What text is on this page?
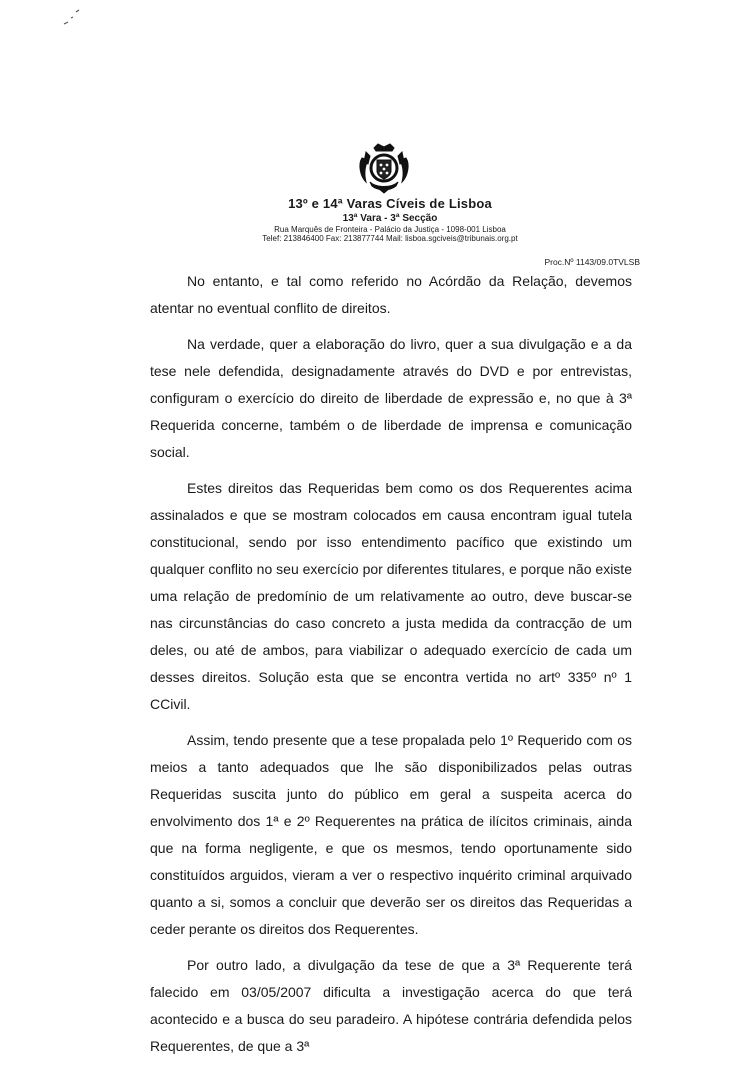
13º e 14ª Varas Cíveis de Lisboa
13ª Vara - 3ª Secção
Rua Marquês de Fronteira - Palácio da Justiça - 1098-001 Lisboa
Telef: 213846400 Fax: 213877744 Mail: lisboa.sgciveis@tribunais.org.pt
Proc.Nº 1143/09.0TVLSB

No entanto, e tal como referido no Acórdão da Relação, devemos atentar no eventual conflito de direitos.

Na verdade, quer a elaboração do livro, quer a sua divulgação e a da tese nele defendida, designadamente através do DVD e por entrevistas, configuram o exercício do direito de liberdade de expressão e, no que à 3ª Requerida concerne, também o de liberdade de imprensa e comunicação social.

Estes direitos das Requeridas bem como os dos Requerentes acima assinalados e que se mostram colocados em causa encontram igual tutela constitucional, sendo por isso entendimento pacífico que existindo um qualquer conflito no seu exercício por diferentes titulares, e porque não existe uma relação de predomínio de um relativamente ao outro, deve buscar-se nas circunstâncias do caso concreto a justa medida da contracção de um deles, ou até de ambos, para viabilizar o adequado exercício de cada um desses direitos. Solução esta que se encontra vertida no artº 335º nº 1 CCivil.

Assim, tendo presente que a tese propalada pelo 1º Requerido com os meios a tanto adequados que lhe são disponibilizados pelas outras Requeridas suscita junto do público em geral a suspeita acerca do envolvimento dos 1ª e 2º Requerentes na prática de ilícitos criminais, ainda que na forma negligente, e que os mesmos, tendo oportunamente sido constituídos arguidos, vieram a ver o respectivo inquérito criminal arquivado quanto a si, somos a concluir que deverão ser os direitos das Requeridas a ceder perante os direitos dos Requerentes.

Por outro lado, a divulgação da tese de que a 3ª Requerente terá falecido em 03/05/2007 dificulta a investigação acerca do que terá acontecido e a busca do seu paradeiro. A hipótese contrária defendida pelos Requerentes, de que a 3ª
